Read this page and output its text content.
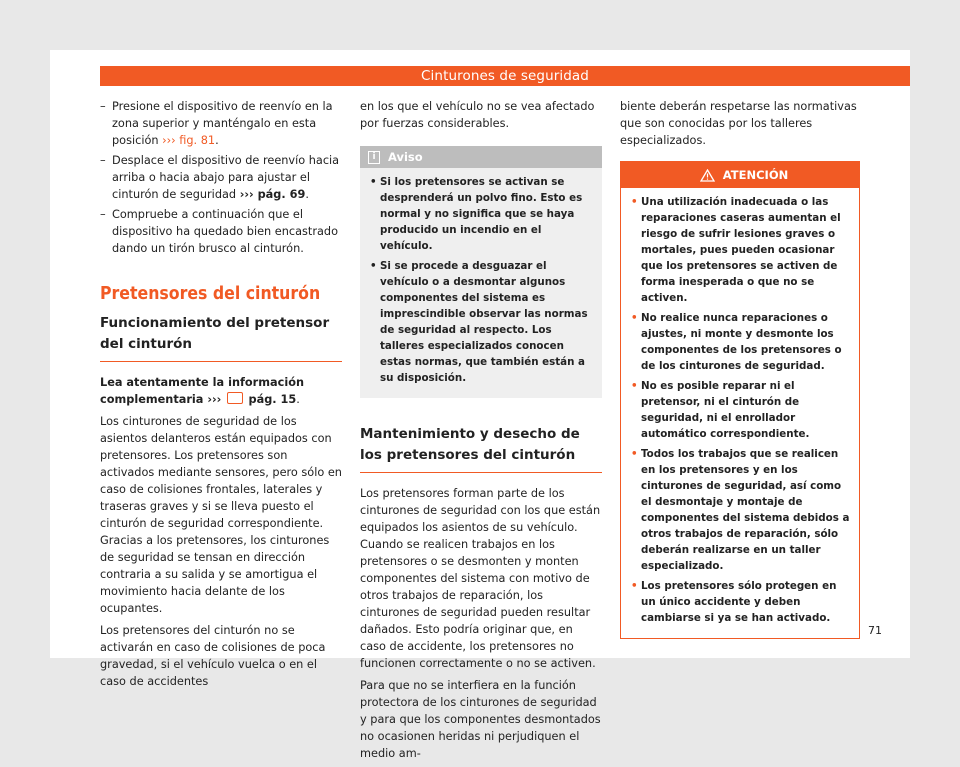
Cinturones de seguridad
– Presione el dispositivo de reenvío en la zona superior y manténgalo en esta posición ››› fig. 81.
– Desplace el dispositivo de reenvío hacia arriba o hacia abajo para ajustar el cinturón de seguridad ››› pág. 69.
– Compruebe a continuación que el dispositivo ha quedado bien encastrado dando un tirón brusco al cinturón.
Pretensores del cinturón
Funcionamiento del pretensor del cinturón

Lea atentamente la información complementaria ››› pág. 15.

Los cinturones de seguridad de los asientos delanteros están equipados con pretensores. Los pretensores son activados mediante sensores, pero sólo en caso de colisiones frontales, laterales y traseras graves y si se lleva puesto el cinturón de seguridad correspondiente. Gracias a los pretensores, los cinturones de seguridad se tensan en dirección contraria a su salida y se amortigua el movimiento hacia delante de los ocupantes.

Los pretensores del cinturón no se activarán en caso de colisiones de poca gravedad, si el vehículo vuelca o en el caso de accidentes

en los que el vehículo no se vea afectado por fuerzas considerables.

i	Aviso
• Si los pretensores se activan se desprenderá un polvo fino. Esto es normal y no significa que se haya producido un incendio en el vehículo.
• Si se procede a desguazar el vehículo o a desmontar algunos componentes del sistema es imprescindible observar las normas de seguridad al respecto. Los talleres especializados conocen estas normas, que también están a su disposición.
Mantenimiento y desecho de los pretensores del cinturón

Los pretensores forman parte de los cinturones de seguridad con los que están equipados los asientos de su vehículo. Cuando se realicen trabajos en los pretensores o se desmonten y monten componentes del sistema con motivo de otros trabajos de reparación, los cinturones de seguridad pueden resultar dañados. Esto podría originar que, en caso de accidente, los pretensores no funcionen correctamente o no se activen.

Para que no se interfiera en la función protectora de los cinturones de seguridad y para que los componentes desmontados no ocasionen heridas ni perjudiquen el medio am-

biente deberán respetarse las normativas que son conocidas por los talleres especializados.

ATENCIÓN
• Una utilización inadecuada o las reparaciones caseras aumentan el riesgo de sufrir lesiones graves o mortales, pues pueden ocasionar que los pretensores se activen de forma inesperada o que no se activen.
• No realice nunca reparaciones o ajustes, ni monte y desmonte los componentes de los pretensores o de los cinturones de seguridad.
• No es posible reparar ni el pretensor, ni el cinturón de seguridad, ni el enrollador automático correspondiente.
• Todos los trabajos que se realicen en los pretensores y en los cinturones de seguridad, así como el desmontaje y montaje de componentes del sistema debidos a otros trabajos de reparación, sólo deberán realizarse en un taller especializado.
• Los pretensores sólo protegen en un único accidente y deben cambiarse si ya se han activado.
71
